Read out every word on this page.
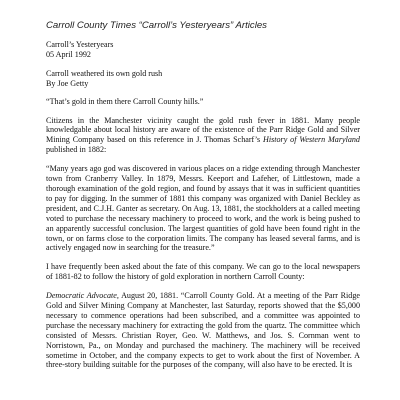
Carroll County Times “Carroll’s Yesteryears” Articles

Carroll’s Yesteryears

05 April 1992

Carroll weathered its own gold rush

By Joe Getty

“That’s gold in them there Carroll County hills.”

Citizens in the Manchester vicinity caught the gold rush fever in 1881. Many people knowledgable about local history are aware of the existence of the Parr Ridge Gold and Silver Mining Company based on this reference in J. Thomas Scharf’s History of Western Maryland published in 1882:

“Many years ago god was discovered in various places on a ridge extending through Manchester town from Cranberry Valley. In 1879, Messrs. Keeport and Lafeher, of Littlestown, made a thorough examination of the gold region, and found by assays that it was in sufficient quantities to pay for digging. In the summer of 1881 this company was organized with Daniel Beckley as president, and C.J.H. Ganter as secretary. On Aug. 13, 1881, the stockholders at a called meeting voted to purchase the necessary machinery to proceed to work, and the work is being pushed to an apparently successful conclusion. The largest quantities of gold have been found right in the town, or on farms close to the corporation limits. The company has leased several farms, and is actively engaged now in searching for the treasure.”

I have frequently been asked about the fate of this company. We can go to the local newspapers of 1881-82 to follow the history of gold exploration in northern Carroll County:

Democratic Advocate, August 20, 1881. “Carroll County Gold. At a meeting of the Parr Ridge Gold and Silver Mining Company at Manchester, last Saturday, reports showed that the $5,000 necessary to commence operations had been subscribed, and a committee was appointed to purchase the necessary machinery for extracting the gold from the quartz. The committee which consisted of Messrs. Christian Royer, Geo. W. Matthews, and Jos. S. Cornman went to Norristown, Pa., on Monday and purchased the machinery. The machinery will be received sometime in October, and the company expects to get to work about the first of November. A three-story building suitable for the purposes of the company, will also have to be erected. It is
